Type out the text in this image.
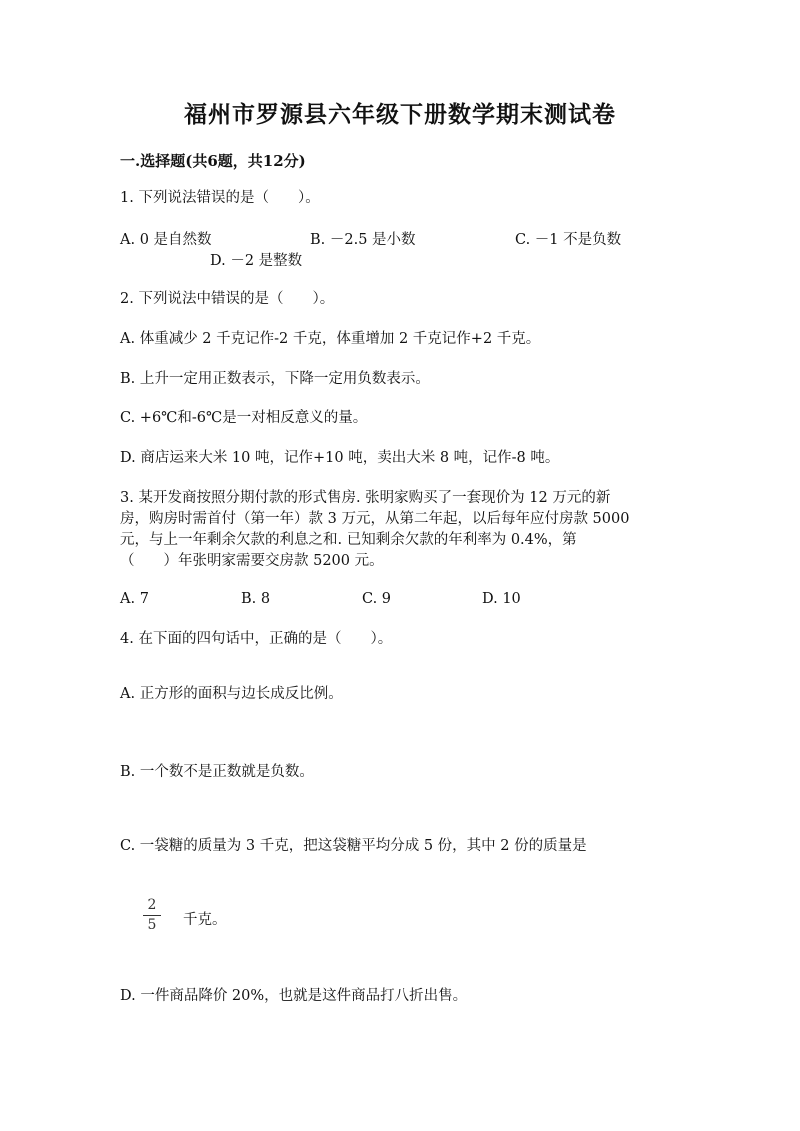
福州市罗源县六年级下册数学期末测试卷
一.选择题(共6题，共12分)
1. 下列说法错误的是（　　）。
A. 0 是自然数	B. －2.5 是小数	C. －1 不是负数
D. －2 是整数
2. 下列说法中错误的是（　　）。
A. 体重减少 2 千克记作-2 千克，体重增加 2 千克记作+2 千克。
B. 上升一定用正数表示，下降一定用负数表示。
C. +6℃和-6℃是一对相反意义的量。
D. 商店运来大米 10 吨，记作+10 吨，卖出大米 8 吨，记作-8 吨。
3. 某开发商按照分期付款的形式售房. 张明家购买了一套现价为 12 万元的新
房，购房时需首付（第一年）款 3 万元，从第二年起，以后每年应付房款 5000
元，与上一年剩余欠款的利息之和. 已知剩余欠款的年利率为 0.4%，第
（　　）年张明家需要交房款 5200 元。
A. 7	B. 8	C. 9	D. 10
4. 在下面的四句话中，正确的是（　　）。
A. 正方形的面积与边长成反比例。
B. 一个数不是正数就是负数。
C. 一袋糖的质量为 3 千克，把这袋糖平均分成 5 份，其中 2 份的质量是
2
5	千克。
D. 一件商品降价 20%，也就是这件商品打八折出售。
